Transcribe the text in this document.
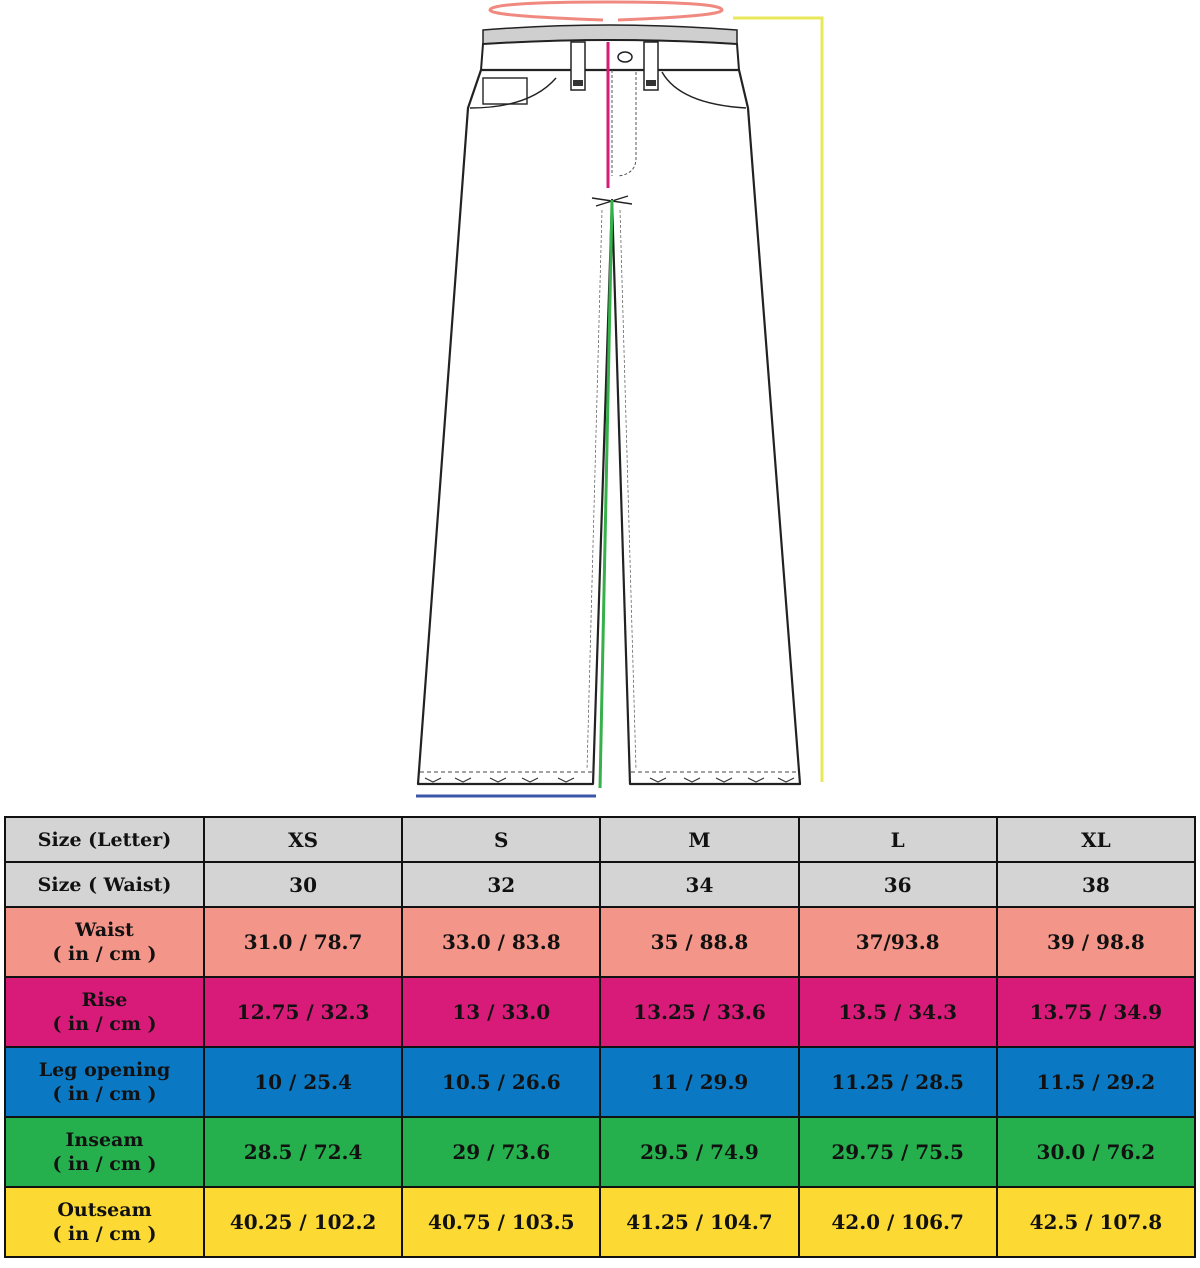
Size (Letter)	XS	S	M	L	XL
Size ( Waist)	30	32	34	36	38

Waist
( in / cm )	31.0 / 78.7	33.0 / 83.8	35 / 88.8	37/93.8	39 / 98.8

Rise
( in / cm )	12.75 / 32.3	13 / 33.0	13.25 / 33.6	13.5 / 34.3	13.75 / 34.9

Leg opening
( in / cm )	10 / 25.4	10.5 / 26.6	11 / 29.9	11.25 / 28.5	11.5 / 29.2

Inseam
( in / cm )	28.5 / 72.4	29 / 73.6	29.5 / 74.9	29.75 / 75.5	30.0 / 76.2

Outseam
( in / cm )	40.25 / 102.2	40.75 / 103.5	41.25 / 104.7	42.0 / 106.7	42.5 / 107.8
